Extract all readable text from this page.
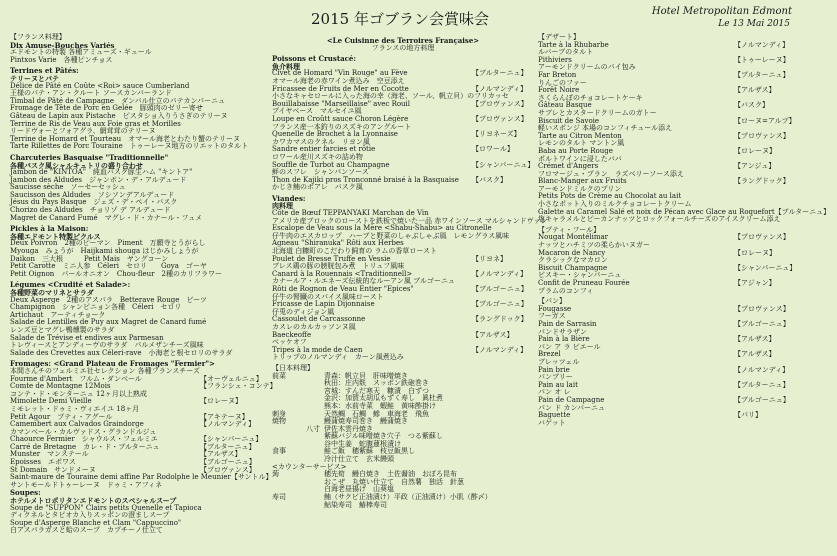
2015 年ゴブラン会賞味会	Hotel Metropolitan Edmont
Le 13 Mai 2015
【フランス料理】
Dix Amuse-Bouches Variés
エドモントの特製 各種アミューズ・ギュール
Pintxos Varie　各種ピンチョス
Terrines et Pâtés:
テリーヌとパテ
Délice de Pâté en Coûte <Roi> sauce Cumberland
王様のパテ・アン・クルート ソースカンバーランド
Timbal de Pâté de Campagne　ダンバル仕立のパテカンパーニュ
Fromage de Tête de Porc en Gelée　豚頭肉のゼリー寄せ
Gâteau de Lapin aux Pistache　ピスタショ入りうさぎのテリーヌ
Terrine de Ris de Veau aux Foie gras et Morilles
リードヴォーとフォアグラ、網茸茸のテリーヌ
Terrine de Homard et Tourteau　オマール海老とわたり蟹のテリーヌ
Tarte Rillettes de Porc Touraine　トゥーレーヌ地方のリエットのタルト
Charcuteries Basquaise "Traditionnelle"
各種バスク風シャルキュトリの盛り合わせ
Jambon de "KINTOA"　純血バスク豚生ハム "キントア"
Jambon des Aldudes　ジャンボン・デ・アルデュード
Saucisse sèche　ソーセーセッシュ
Saucisson des Aldudes　ソシソンデアルデュード
Jésus du Pays Basque　ジェズ・デ・ペイ・バスク
Chorizo des Aldudes　チョリゾ デ アルデュード
Magret de Canard Fumé　マグレ・ド・カナール・フュメ
Pickles à la Maison:
各種エドモント特製ピクルス
Deux Poivron　2種のピーマン　Piment　万願寺とうがらし
Myouga　みょうが　Haijkami shouga はじかみしょうが
Daikon　三大根　　　Petit Mais　ヤングコーン
Petit Carotte　ミニ人参　Céleri　セロリ　　Goya　ゴーヤ
Petit Oignon　パールオニオン　Chou-fleur　2種のカリフラワー
Légumes <Crudité et Salade>:
各種野菜のマリネとサラダ
Deux Asperge　2種のアスパラ　Betterave Rouge　ビーツ
Champignon　シャンピニョン各種　Céleri　セロリ
Artichaut　アーティチョーク
Salade de Lentilles de Puy aux Magret de Canard fumé
レンズ豆とマグレ鴨燻製のサラダ
Salade de Trévise et endives aux Parmesan
トレヴィースとアンディーヴのサラダ　パルメザンチーズ風味
Salade des Crevettes aux Céleri-rave　小海老と根セロリのサラダ
Fromages: <Grand Plateau de Fromages "Fermier">
本間さんチのフェルミエ社セレクション 各種フランスチーズ
Fourme d'Ambert　フルム・ダンベール	【オーヴェルニュ】
Comte de Montagne 12Mois	【フランシュ・コンテ】
コンテ・ド・モンターニュ 12ヶ月以上熟成
Mimolette Demi Vieille	【ロレーヌ】
ミモレット・ドゥミ・ヴィエイユ 18ヶ月
Petit Agour　プティ・アグール	【アキテーヌ】
Camembert aux Calvados Graindorge	【ノルマンディ】
カマンベール・カルヴァドス・グランドルジュ
Chaource Fermier　シャウルス・フェルミエ	【シャンパーニュ】
Carré de Bretagne　カレ・ド・ブルターニュ	【ブルターニュ】
Munster　マンステール	【アルザス】
Epoisses　エポワス	【ブルゴーニュ】
St Domain　サンドメーヌ	【プロヴァンス】
Saint-maure de Touraine demi affine Par Rodolphe le Meunier 【サントル】
サントモールドトゥーレーヌ　ドゥミ・アフィネ
Soupes:
ホテルメトロポリタンエドモントのスペシャルスープ
Soupe de "SUPPON" Clairs petits Quenelle et Tapioca
ディクネルとタピオカ入りスッポンの澄ましスープ
Soupe d'Asperge Blanche et Clam "Cappuccino"
白アスパラガスと蛤のスープ　カプチーノ仕立て
<Le Cuisinne des Terroires Française>
フランスの地方料理
Poissons et Crustacé:
魚介料理
Civet de Homard "Vin Rouge" au Fève	【ブルターニュ】
オマール海老の赤ワイン煮込み　空豆添え
Fricassee de Fruits de Mer en Cocotte	【ノルマンディ】
小さなキャセロールに入った海の幸（海老、ソール、帆立貝）のフリカッセ
Bouillabaisse "Marseillaise" avec Rouil	【プロヴァンス】
ブイヤベース　マルセイユ風
Loupe en Croûtt sauce Choron Légère	【プロヴァンス】
フランス産一本釣りのスズキのアングルート
Quenelle de Brochet à la Lyonnaise	【リヨネーズ】
カワカマスのクネル　リヨン風
Sandre entier farcies et rôtie	【ロワール】
ロワール産川スズキの詰め物
Souffle de Turbot au Champagne	【シャンパーニュ】
鮃のスフレ　シャンパンソース
Thon de Kajiki pros Tronconné braisé à la Basquaise	【バスク】
かじき鮪のポアレ　バスク風
Viandes:
肉料理
Côte de Bœuf TEPPANYAKI Marchan de Vin
アメリカ産ブロックのローストを鉄板で焼いた一品 赤ワインソース マルシャンドヴァン
Escalope de Veau sous la Mère <Shabu-Shabu> au Citronelle
仔牛肉のエスカロップ　ハーブと野菜のしゃぶしゃぶ風　レモングラス風味
Agneau "Shiranuka" Rôti aux Herbes
北海道 白糠町のこだわり飼育の ラムの香草ロースト
Poulet de Bresse Truffe en Vessie	【リヨネ】
ブレス鶏の豚の膀胱包み煮　トリュフ風味
Canard à la Rouennais <Traditionnell>	【ノルマンディ】
カナールア・ルエネーズ伝統的なルーアン風 ブルゴーニュ
Rôti de Rognon de Veau Entier "Epices"	【ブルゴーニュ】
仔牛の腎臓のスパイス風味ロースト
Fricasse de Lapin Dijonnaise	【ブルゴーニュ】
仔兎のディジョン風
Cassoulet de Carcassonne	【ラングドック】
カスレのカルカッソンヌ風
Baeckeoffe	【アルザス】
ベッケオフ
Tripes à la mode de Caen	【ノルマンディ】
トリップのノルマンディ　カーン風煮込み
【日本料理】
前菜	青森：帆立貝　肝味噌焼き
秋田：庄内麩　スッポン鉄砲巻き
宮城：すんだ寒天　糠漬　白ずつ
金沢：加賀太胡瓜もずく寿し　眞杜煮
熊本：水前寺菜　蝦鮭　黄味酢掛け
刺身	天然鯛　石鯛　鰺　車海老　飛魚
焼物	鰻蒲焼寿司巻き　鰻蒲焼き
八寸 伊佐木雲丹焼き
紫蘇バジル味噌焼き穴子　つる紫蘇し
谷中生姜　蛇腹蓮根漬け
食事	鮭ご飯　穂紫蘇　枝豆飯黒し
冷汁仕立て　玄米饅頭
<カウンターサービス>
蒟	穂先筍　鰻白焼き　土佐醤油　おぼろ昆布
おこぜ　丸焼い仕立て　自然薯　独活　針葱
白海老昼揚げ　山葵塩
寿司	鮪（サクビ正油漬け）平政（正油漬け）小肌（酢〆）
鮎染寿司　鰆棒寿司
【デザート】
Tarte à la Rhubarbe	【ノルマンディ】
ルバーブのタルト
Pithiviers	【トゥーレーヌ】
アーモンドクリームのパイ包み
Far Breton	【ブルターニュ】
りんごのファー
Forêt Noire	【アルザス】
さくらんぼのチョコレートケーキ
Gâteau Basque	【バスク】
サブレとカスタードクリームのガトー
Biscuit de Savoie	【ローヌ=アルプ】
軽いスポンジ 本場のコンフィチュール添え
Tarte au Citron Menton	【プロヴァンス】
レモンのタルト マントン風
Baba au Porte Rouge	【ロレーヌ】
ポルトワインに浸したババ
Crémet d'Angers	【アンジュ】
フロマージュ・ブラン　ラズベリーソース添え
Blanc-Manger aux Fruits	【ラングドック】
アーモンドミルクのプリン
Petits Pots de Crème au Chocolat au lait
小さなポット入りのミルクチョコレートクリーム
Galette au Caramel Salé et noix de Pécan avec Glace au Roquefort 【ブルターニュ】
塩キャラメルとピーカンナッツとロックフォールチーズのアイスクリーム添え
【プティ・フール】
Nougat Montélimar	【プロヴァンス】
ナッツとハチミツの柔らかいヌガー
Macaron de Nancy	【ロレーヌ】
クラシックなマカロン
Biscuit Champagne	【シャンパーニュ】
ビスキー・シャンパーニュ
Confit de Pruneau Fourée	【アジャン】
プラムのコンフィ
【パン】
Fougasse	【プロヴァンス】
フーガス
Pain de Sarrasin	【ブルゴーニュ】
パンドサラザン
Pain à la Bière	【アルザス】
パン ア ラ ビエール
Brezel	【アルザス】
ブレッツェル
Pain brie	【ノルマンディ】
パンブリー
Pain au lait	【ブルターニュ】
パン オ レ
Pain de Campagne	【ブルゴーニュ】
パン ド カンパーニュ
Baguette	【パリ】
バゲット
